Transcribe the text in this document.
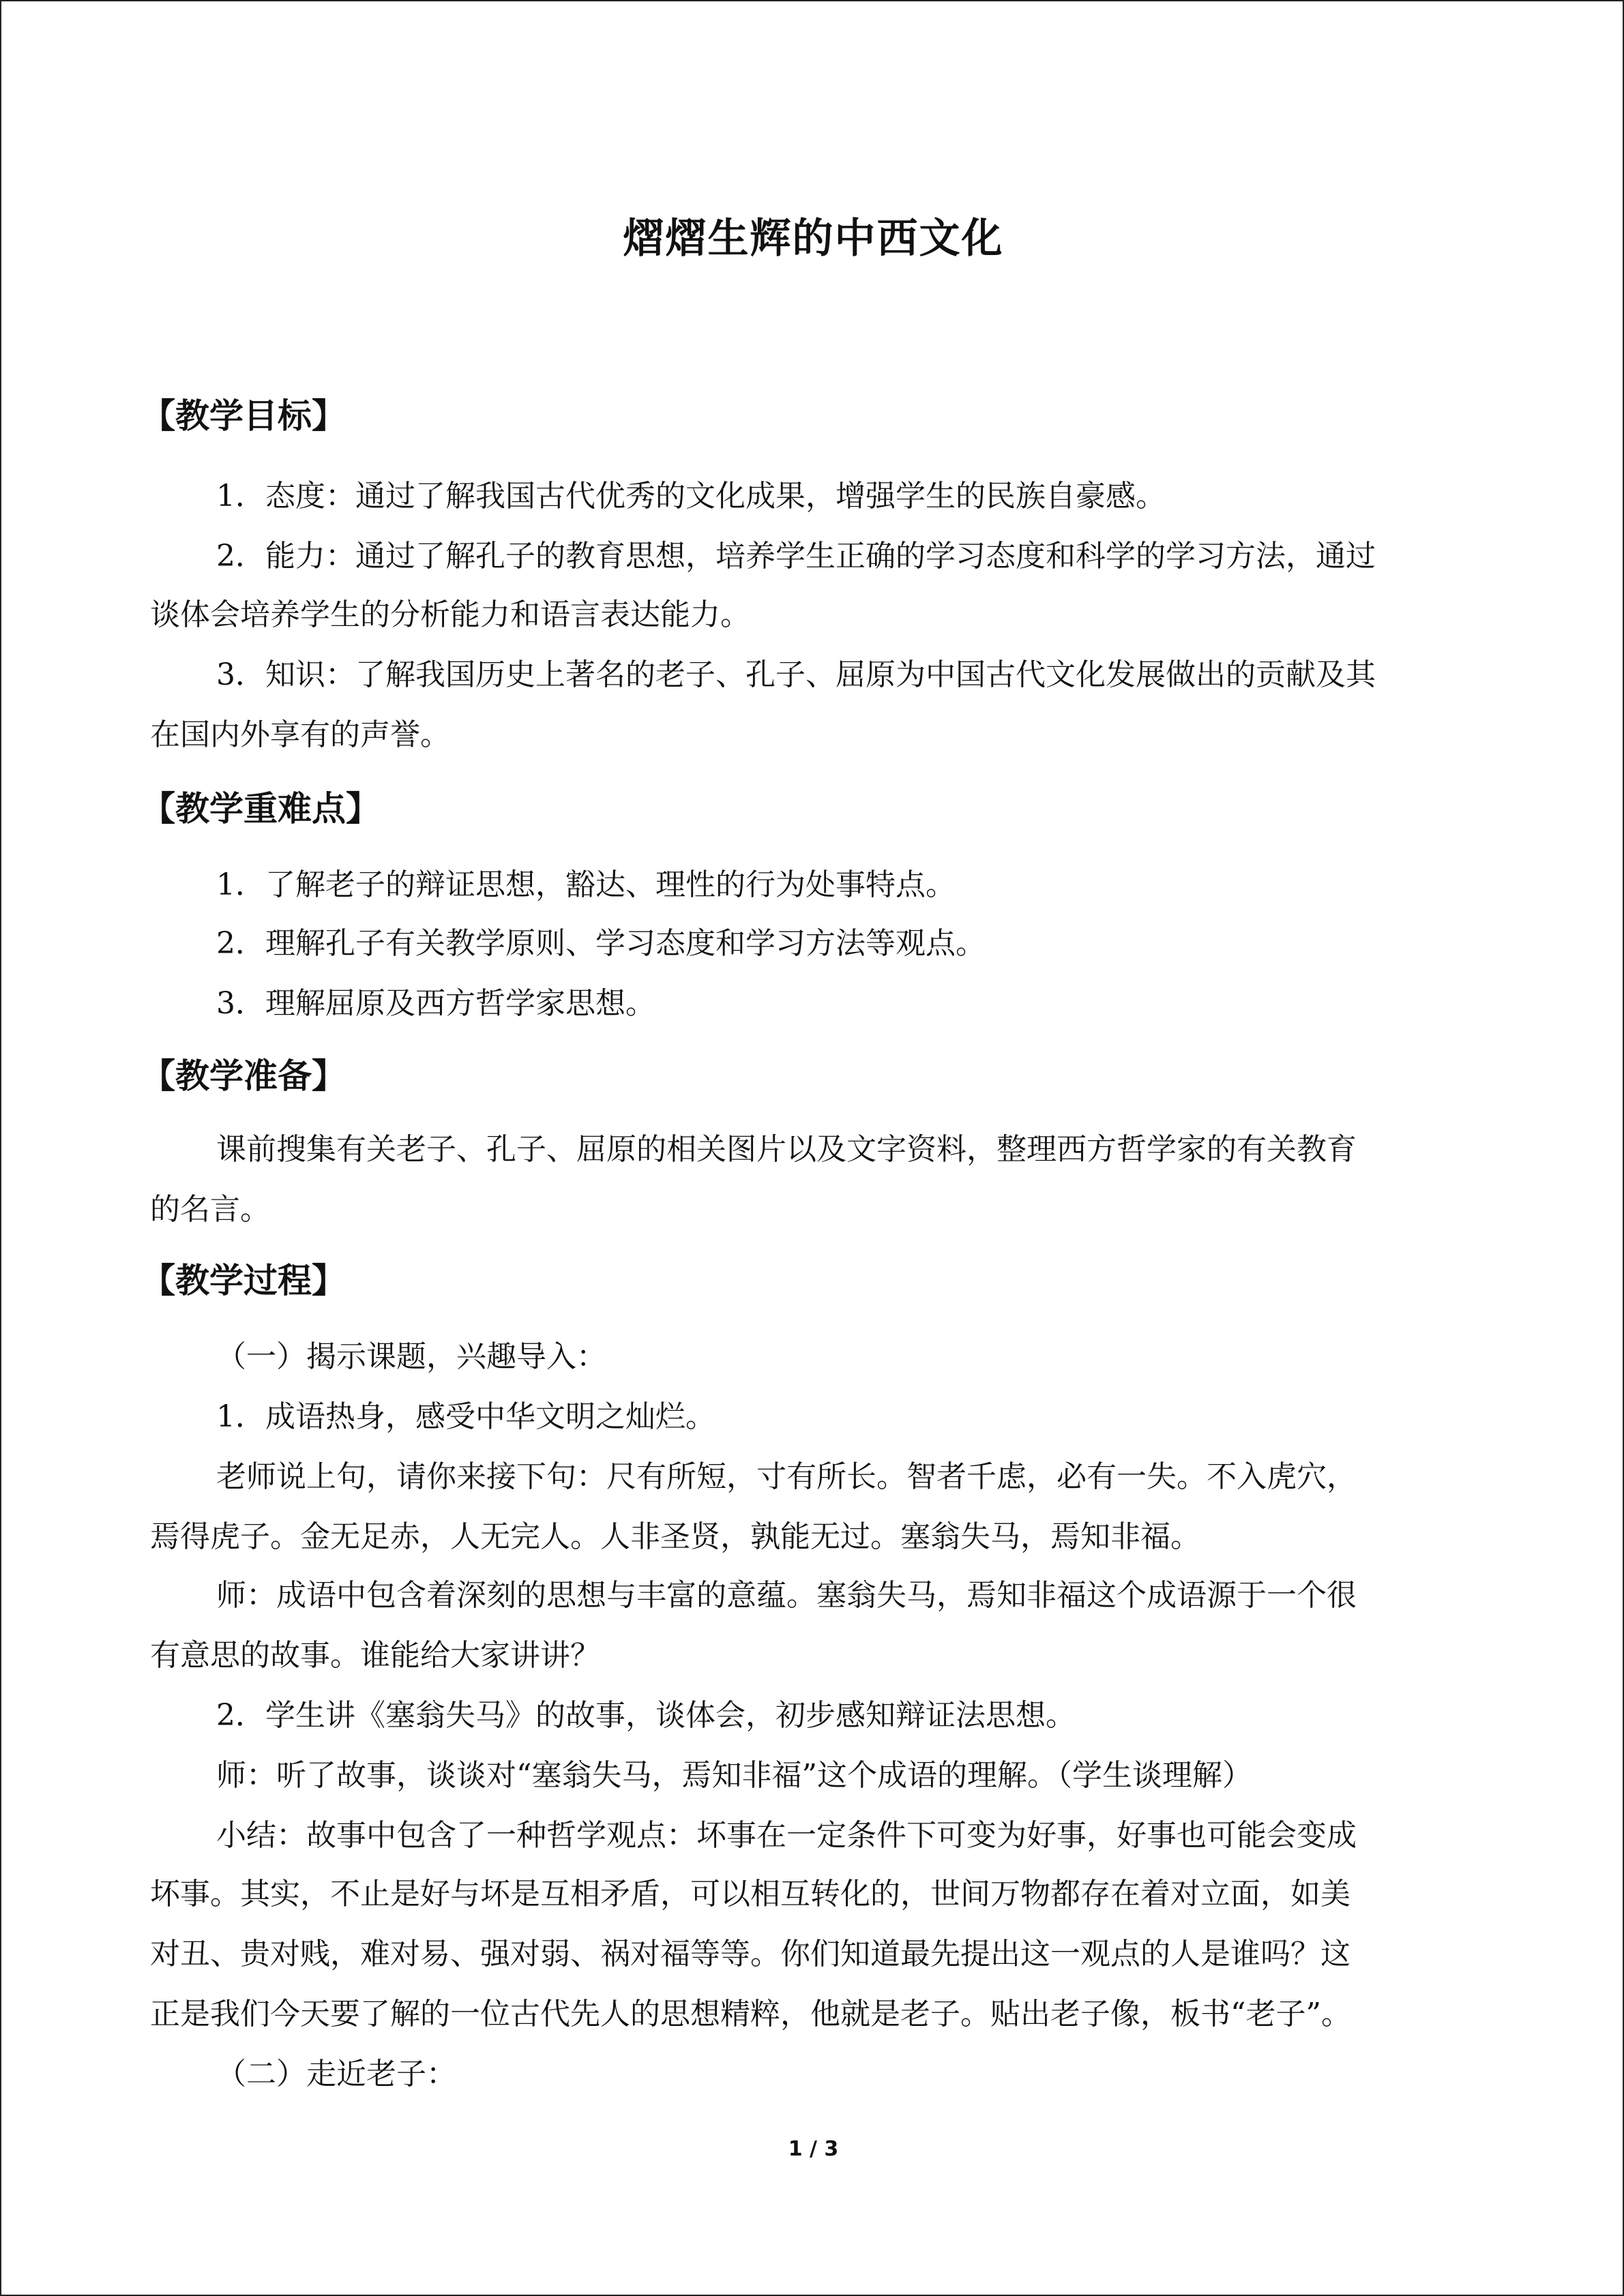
熠熠生辉的中西文化
【教学目标】
1．态度：通过了解我国古代优秀的文化成果，增强学生的民族自豪感。
2．能力：通过了解孔子的教育思想，培养学生正确的学习态度和科学的学习方法，通过
谈体会培养学生的分析能力和语言表达能力。
3．知识：了解我国历史上著名的老子、孔子、屈原为中国古代文化发展做出的贡献及其
在国内外享有的声誉。
【教学重难点】
1．了解老子的辩证思想，豁达、理性的行为处事特点。
2．理解孔子有关教学原则、学习态度和学习方法等观点。
3．理解屈原及西方哲学家思想。
【教学准备】
课前搜集有关老子、孔子、屈原的相关图片以及文字资料，整理西方哲学家的有关教育
的名言。
【教学过程】
（一）揭示课题，兴趣导入：
1．成语热身，感受中华文明之灿烂。
老师说上句，请你来接下句：尺有所短，寸有所长。智者千虑，必有一失。不入虎穴，
焉得虎子。金无足赤，人无完人。人非圣贤，孰能无过。塞翁失马，焉知非福。
师：成语中包含着深刻的思想与丰富的意蕴。塞翁失马，焉知非福这个成语源于一个很
有意思的故事。谁能给大家讲讲？
2．学生讲《塞翁失马》的故事，谈体会，初步感知辩证法思想。
师：听了故事，谈谈对“塞翁失马，焉知非福”这个成语的理解。（学生谈理解）
小结：故事中包含了一种哲学观点：坏事在一定条件下可变为好事，好事也可能会变成
坏事。其实，不止是好与坏是互相矛盾，可以相互转化的，世间万物都存在着对立面，如美
对丑、贵对贱，难对易、强对弱、祸对福等等。你们知道最先提出这一观点的人是谁吗？这
正是我们今天要了解的一位古代先人的思想精粹，他就是老子。贴出老子像，板书“老子”。
（二）走近老子：
1 / 3
